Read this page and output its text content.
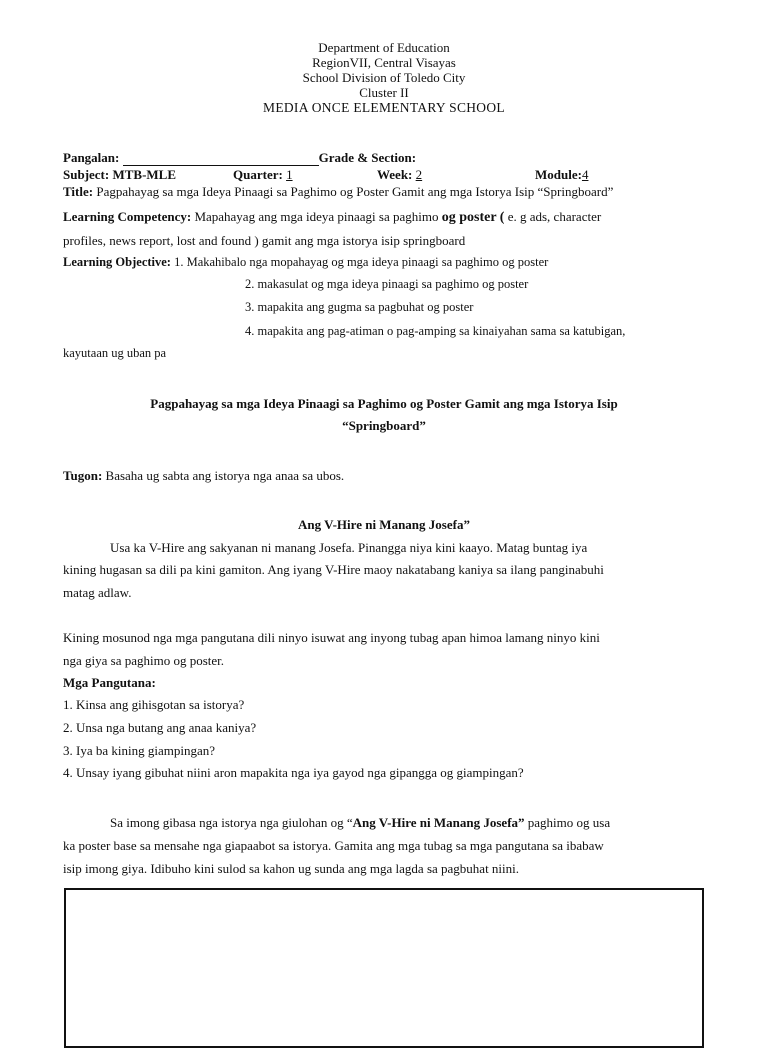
Department of Education
RegionVII, Central Visayas
School Division of Toledo City
Cluster II
MEDIA ONCE ELEMENTARY SCHOOL
Pangalan:	Grade & Section:
Subject: MTB-MLE	Quarter: 1	Week: 2	Module:4
Title: Pagpahayag sa mga Ideya Pinaagi sa Paghimo og Poster Gamit ang mga Istorya Isip “Springboard”
Learning Competency: Mapahayag ang mga ideya pinaagi sa paghimo og poster ( e. g ads, character
profiles, news report, lost and found ) gamit ang mga istorya isip springboard
Learning Objective: 1. Makahibalo nga mopahayag og mga ideya pinaagi sa paghimo og poster
2. makasulat og mga ideya pinaagi sa paghimo og poster
3. mapakita ang gugma sa pagbuhat og poster
4. mapakita ang pag-atiman o pag-amping sa kinaiyahan sama sa katubigan,
kayutaan ug uban pa
Pagpahayag sa mga Ideya Pinaagi sa Paghimo og Poster Gamit ang mga Istorya Isip
“Springboard”
Tugon: Basaha ug sabta ang istorya nga anaa sa ubos.
Ang V-Hire ni Manang Josefa”
Usa ka V-Hire ang sakyanan ni manang Josefa. Pinangga niya kini kaayo. Matag buntag iya
kining hugasan sa dili pa kini gamiton. Ang iyang V-Hire maoy nakatabang kaniya sa ilang panginabuhi
matag adlaw.
Kining mosunod nga mga pangutana dili ninyo isuwat ang inyong tubag apan himoa lamang ninyo kini
nga giya sa paghimo og poster.
Mga Pangutana:
1. Kinsa ang gihisgotan sa istorya?
2. Unsa nga butang ang anaa kaniya?
3. Iya ba kining giampingan?
4. Unsay iyang gibuhat niini aron mapakita nga iya gayod nga gipangga og giampingan?
Sa imong gibasa nga istorya nga giulohan og “Ang V-Hire ni Manang Josefa” paghimo og usa
ka poster base sa mensahe nga giapaabot sa istorya. Gamita ang mga tubag sa mga pangutana sa ibabaw
isip imong giya. Idibuho kini sulod sa kahon ug sunda ang mga lagda sa pagbuhat niini.
